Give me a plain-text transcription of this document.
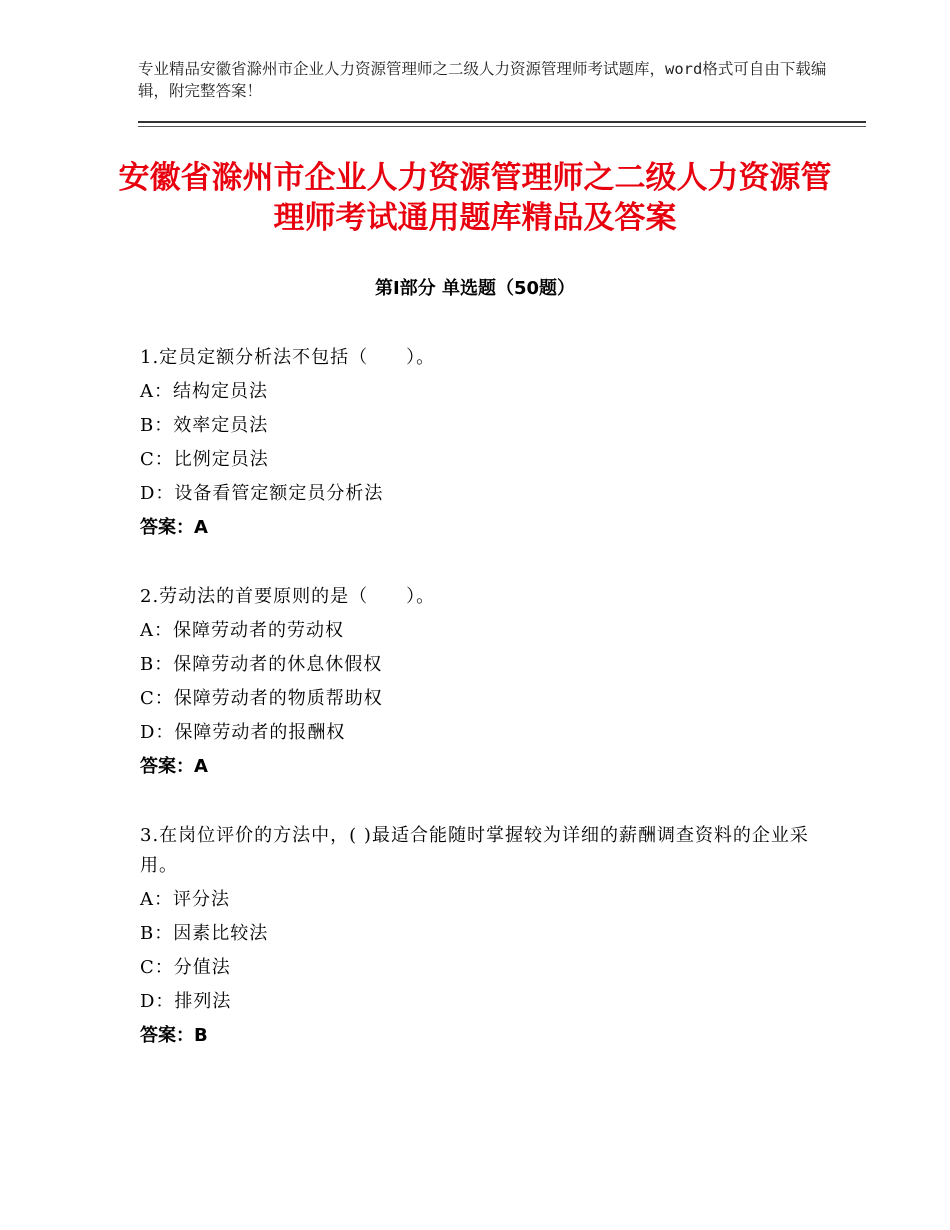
专业精品安徽省滁州市企业人力资源管理师之二级人力资源管理师考试题库，word格式可自由下载编辑，附完整答案！

安徽省滁州市企业人力资源管理师之二级人力资源管理师考试通用题库精品及答案
第Ⅰ部分 单选题（50题）

1.定员定额分析法不包括（　　）。

A：结构定员法

B：效率定员法

C：比例定员法

D：设备看管定额定员分析法

答案：A

2.劳动法的首要原则的是（　　）。

A：保障劳动者的劳动权

B：保障劳动者的休息休假权

C：保障劳动者的物质帮助权

D：保障劳动者的报酬权

答案：A

3.在岗位评价的方法中，( )最适合能随时掌握较为详细的薪酬调查资料的企业采用。

A：评分法

B：因素比较法

C：分值法

D：排列法

答案：B
